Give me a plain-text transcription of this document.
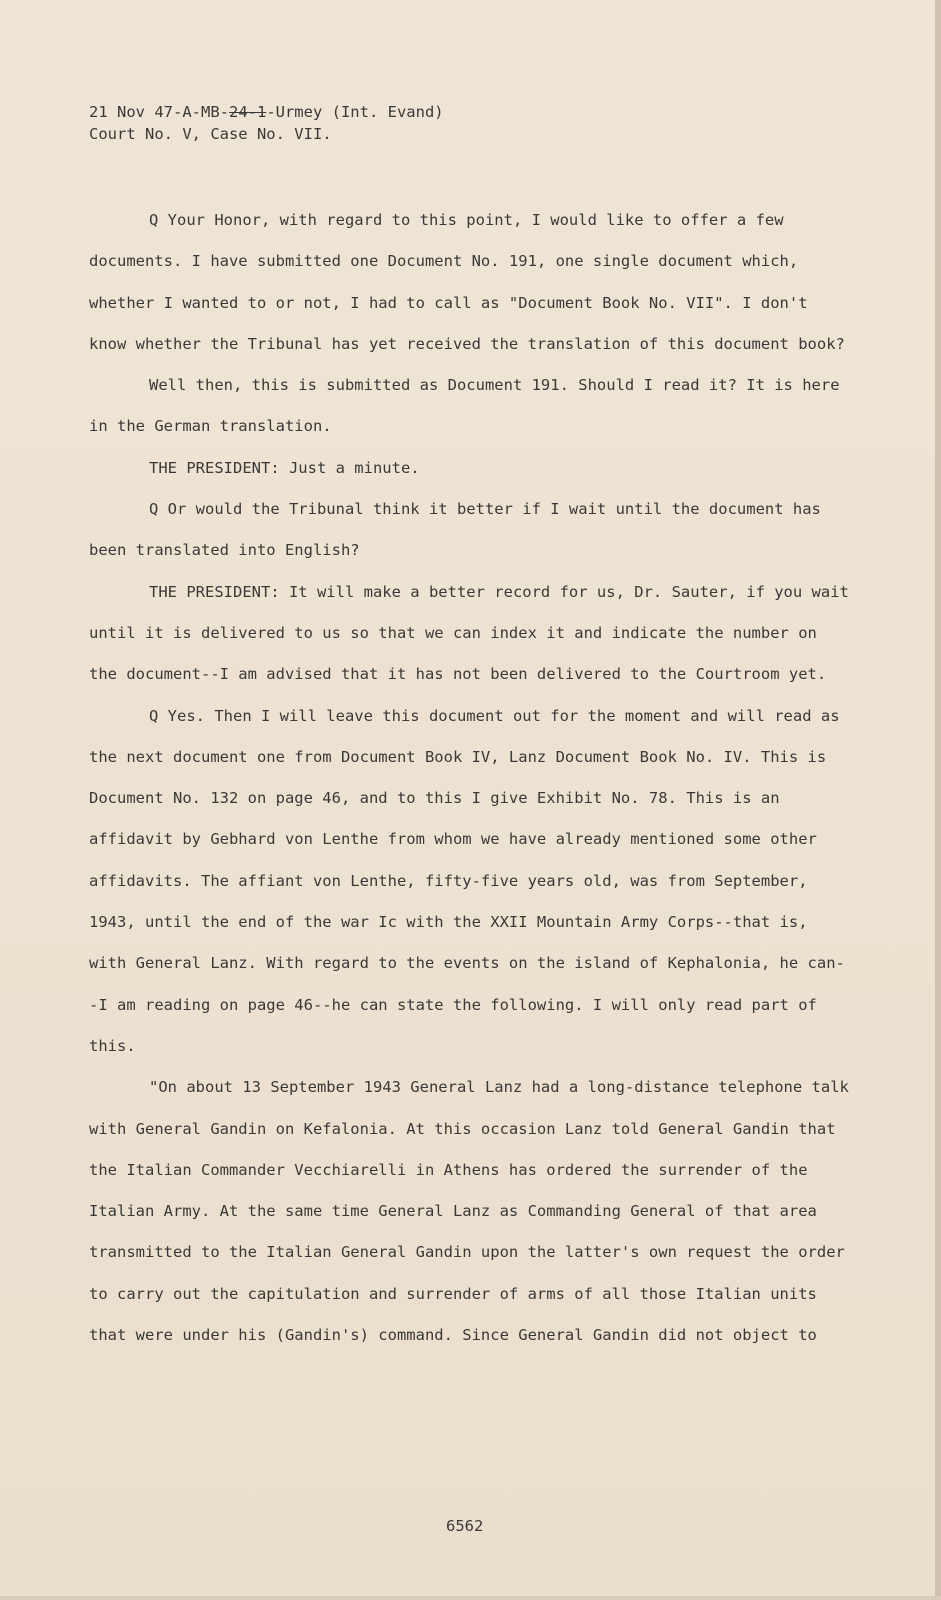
21 Nov 47-A-MB-24-1-Urmey (Int. Evand)
Court No. V, Case No. VII.

Q Your Honor, with regard to this point, I would like to offer a few documents. I have submitted one Document No. 191, one single document which, whether I wanted to or not, I had to call as "Document Book No. VII". I don't know whether the Tribunal has yet received the translation of this document book?

Well then, this is submitted as Document 191. Should I read it? It is here in the German translation.

THE PRESIDENT: Just a minute.

Q Or would the Tribunal think it better if I wait until the document has been translated into English?

THE PRESIDENT: It will make a better record for us, Dr. Sauter, if you wait until it is delivered to us so that we can index it and indicate the number on the document--I am advised that it has not been delivered to the Courtroom yet.

Q Yes. Then I will leave this document out for the moment and will read as the next document one from Document Book IV, Lanz Document Book No. IV. This is Document No. 132 on page 46, and to this I give Exhibit No. 78. This is an affidavit by Gebhard von Lenthe from whom we have already mentioned some other affidavits. The affiant von Lenthe, fifty-five years old, was from September, 1943, until the end of the war Ic with the XXII Mountain Army Corps--that is, with General Lanz. With regard to the events on the island of Kephalonia, he can--I am reading on page 46--he can state the following. I will only read part of this.

"On about 13 September 1943 General Lanz had a long-distance telephone talk with General Gandin on Kefalonia. At this occasion Lanz told General Gandin that the Italian Commander Vecchiarelli in Athens has ordered the surrender of the Italian Army. At the same time General Lanz as Commanding General of that area transmitted to the Italian General Gandin upon the latter's own request the order to carry out the capitulation and surrender of arms of all those Italian units that were under his (Gandin's) command. Since General Gandin did not object to

6562
